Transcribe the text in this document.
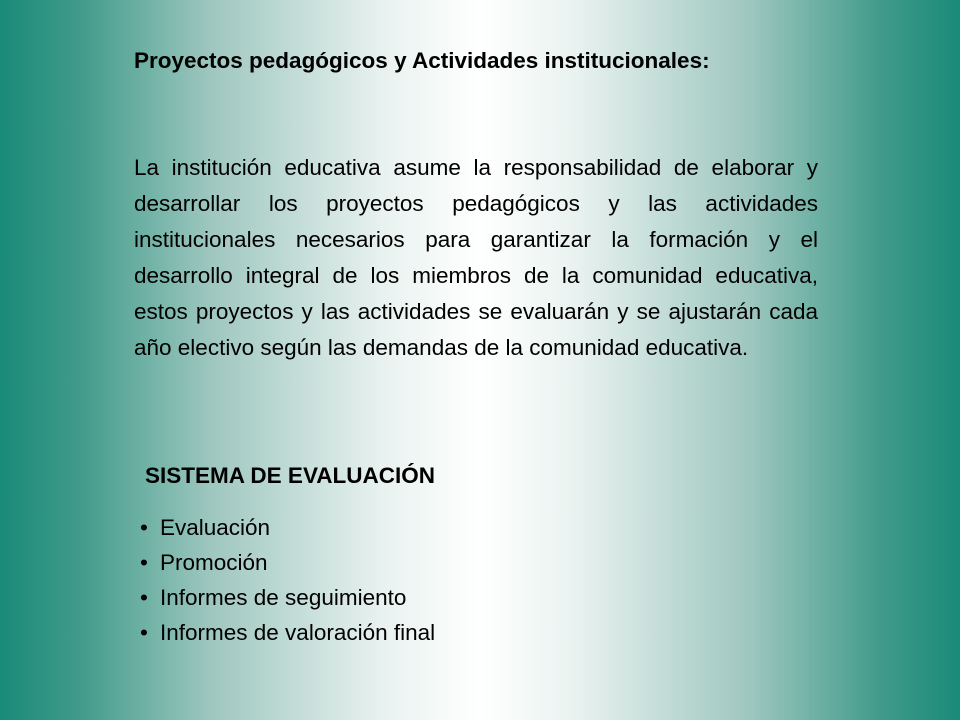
Proyectos pedagógicos y Actividades institucionales:

La institución educativa asume la responsabilidad de elaborar y desarrollar los proyectos pedagógicos y las actividades institucionales necesarios para garantizar la formación y el desarrollo integral de los miembros de la comunidad educativa, estos proyectos y las actividades se evaluarán y se ajustarán cada año electivo según las demandas de la comunidad educativa.

SISTEMA DE EVALUACIÓN
• Evaluación
• Promoción
• Informes de seguimiento
• Informes de valoración final
